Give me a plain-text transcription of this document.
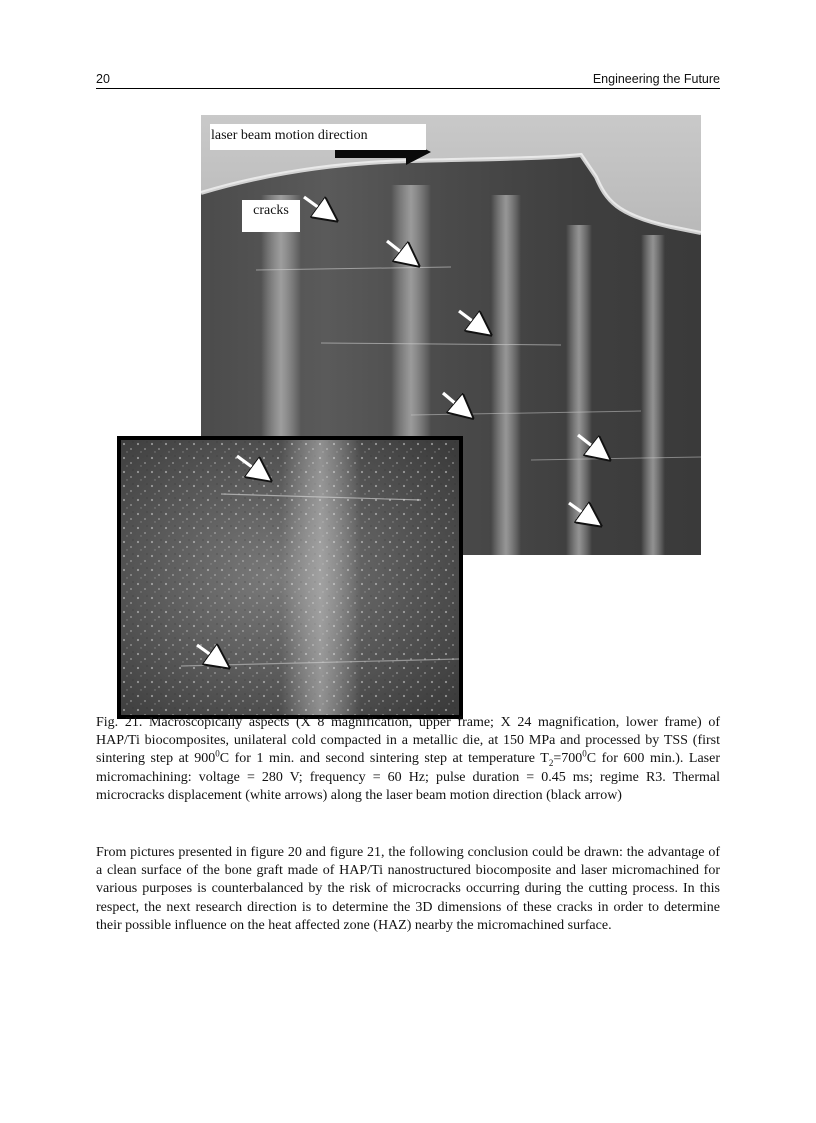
20	Engineering the Future
laser beam motion direction
cracks
Fig. 21. Macroscopically aspects (X 8 magnification, upper frame; X 24 magnification, lower frame) of HAP/Ti biocomposites, unilateral cold compacted in a metallic die, at 150 MPa and processed by TSS (first sintering step at $900^0C$ for 1 min. and second sintering step at temperature $T_2=700^0C$ for 600 min.). Laser micromachining: voltage = 280 V; frequency = 60 Hz; pulse duration = 0.45 ms; regime R3. Thermal microcracks displacement (white arrows) along the laser beam motion direction (black arrow)
From pictures presented in figure 20 and figure 21, the following conclusion could be drawn: the advantage of a clean surface of the bone graft made of HAP/Ti nanostructured biocomposite and laser micromachined for various purposes is counterbalanced by the risk of microcracks occurring during the cutting process. In this respect, the next research direction is to determine the 3D dimensions of these cracks in order to determine their possible influence on the heat affected zone (HAZ) nearby the micromachined surface.
